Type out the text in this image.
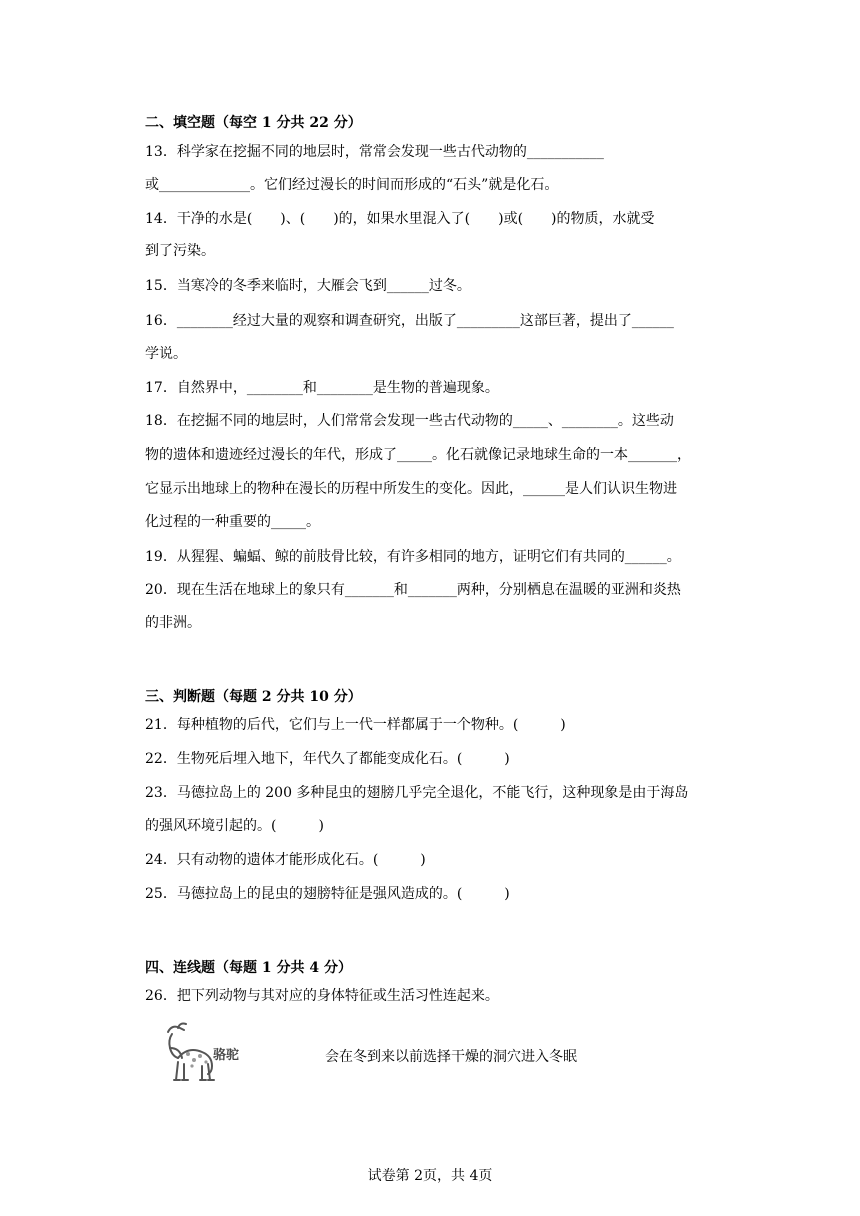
二、填空题（每空 1 分共 22 分）
13．科学家在挖掘不同的地层时，常常会发现一些古代动物的___________
或_____________。它们经过漫长的时间而形成的“石头”就是化石。
14．干净的水是(　　)、(　　)的，如果水里混入了(　　)或(　　)的物质，水就受
到了污染。
15．当寒冷的冬季来临时，大雁会飞到______过冬。
16．________经过大量的观察和调查研究，出版了_________这部巨著，提出了______
学说。
17．自然界中，________和________是生物的普遍现象。
18．在挖掘不同的地层时，人们常常会发现一些古代动物的_____、________。这些动
物的遗体和遗迹经过漫长的年代，形成了_____。化石就像记录地球生命的一本_______，
它显示出地球上的物种在漫长的历程中所发生的变化。因此，______是人们认识生物进
化过程的一种重要的_____。
19．从猩猩、蝙蝠、鲸的前肢骨比较，有许多相同的地方，证明它们有共同的______。
20．现在生活在地球上的象只有_______和_______两种，分别栖息在温暖的亚洲和炎热
的非洲。
三、判断题（每题 2 分共 10 分）
21．每种植物的后代，它们与上一代一样都属于一个物种。(　　　)
22．生物死后埋入地下，年代久了都能变成化石。(　　　)
23．马德拉岛上的 200 多种昆虫的翅膀几乎完全退化，不能飞行，这种现象是由于海岛
的强风环境引起的。(　　　)
24．只有动物的遗体才能形成化石。(　　　)
25．马德拉岛上的昆虫的翅膀特征是强风造成的。(　　　)
四、连线题（每题 1 分共 4 分）
26．把下列动物与其对应的身体特征或生活习性连起来。
骆驼	会在冬到来以前选择干燥的洞穴进入冬眠
试卷第 2页，共 4页
